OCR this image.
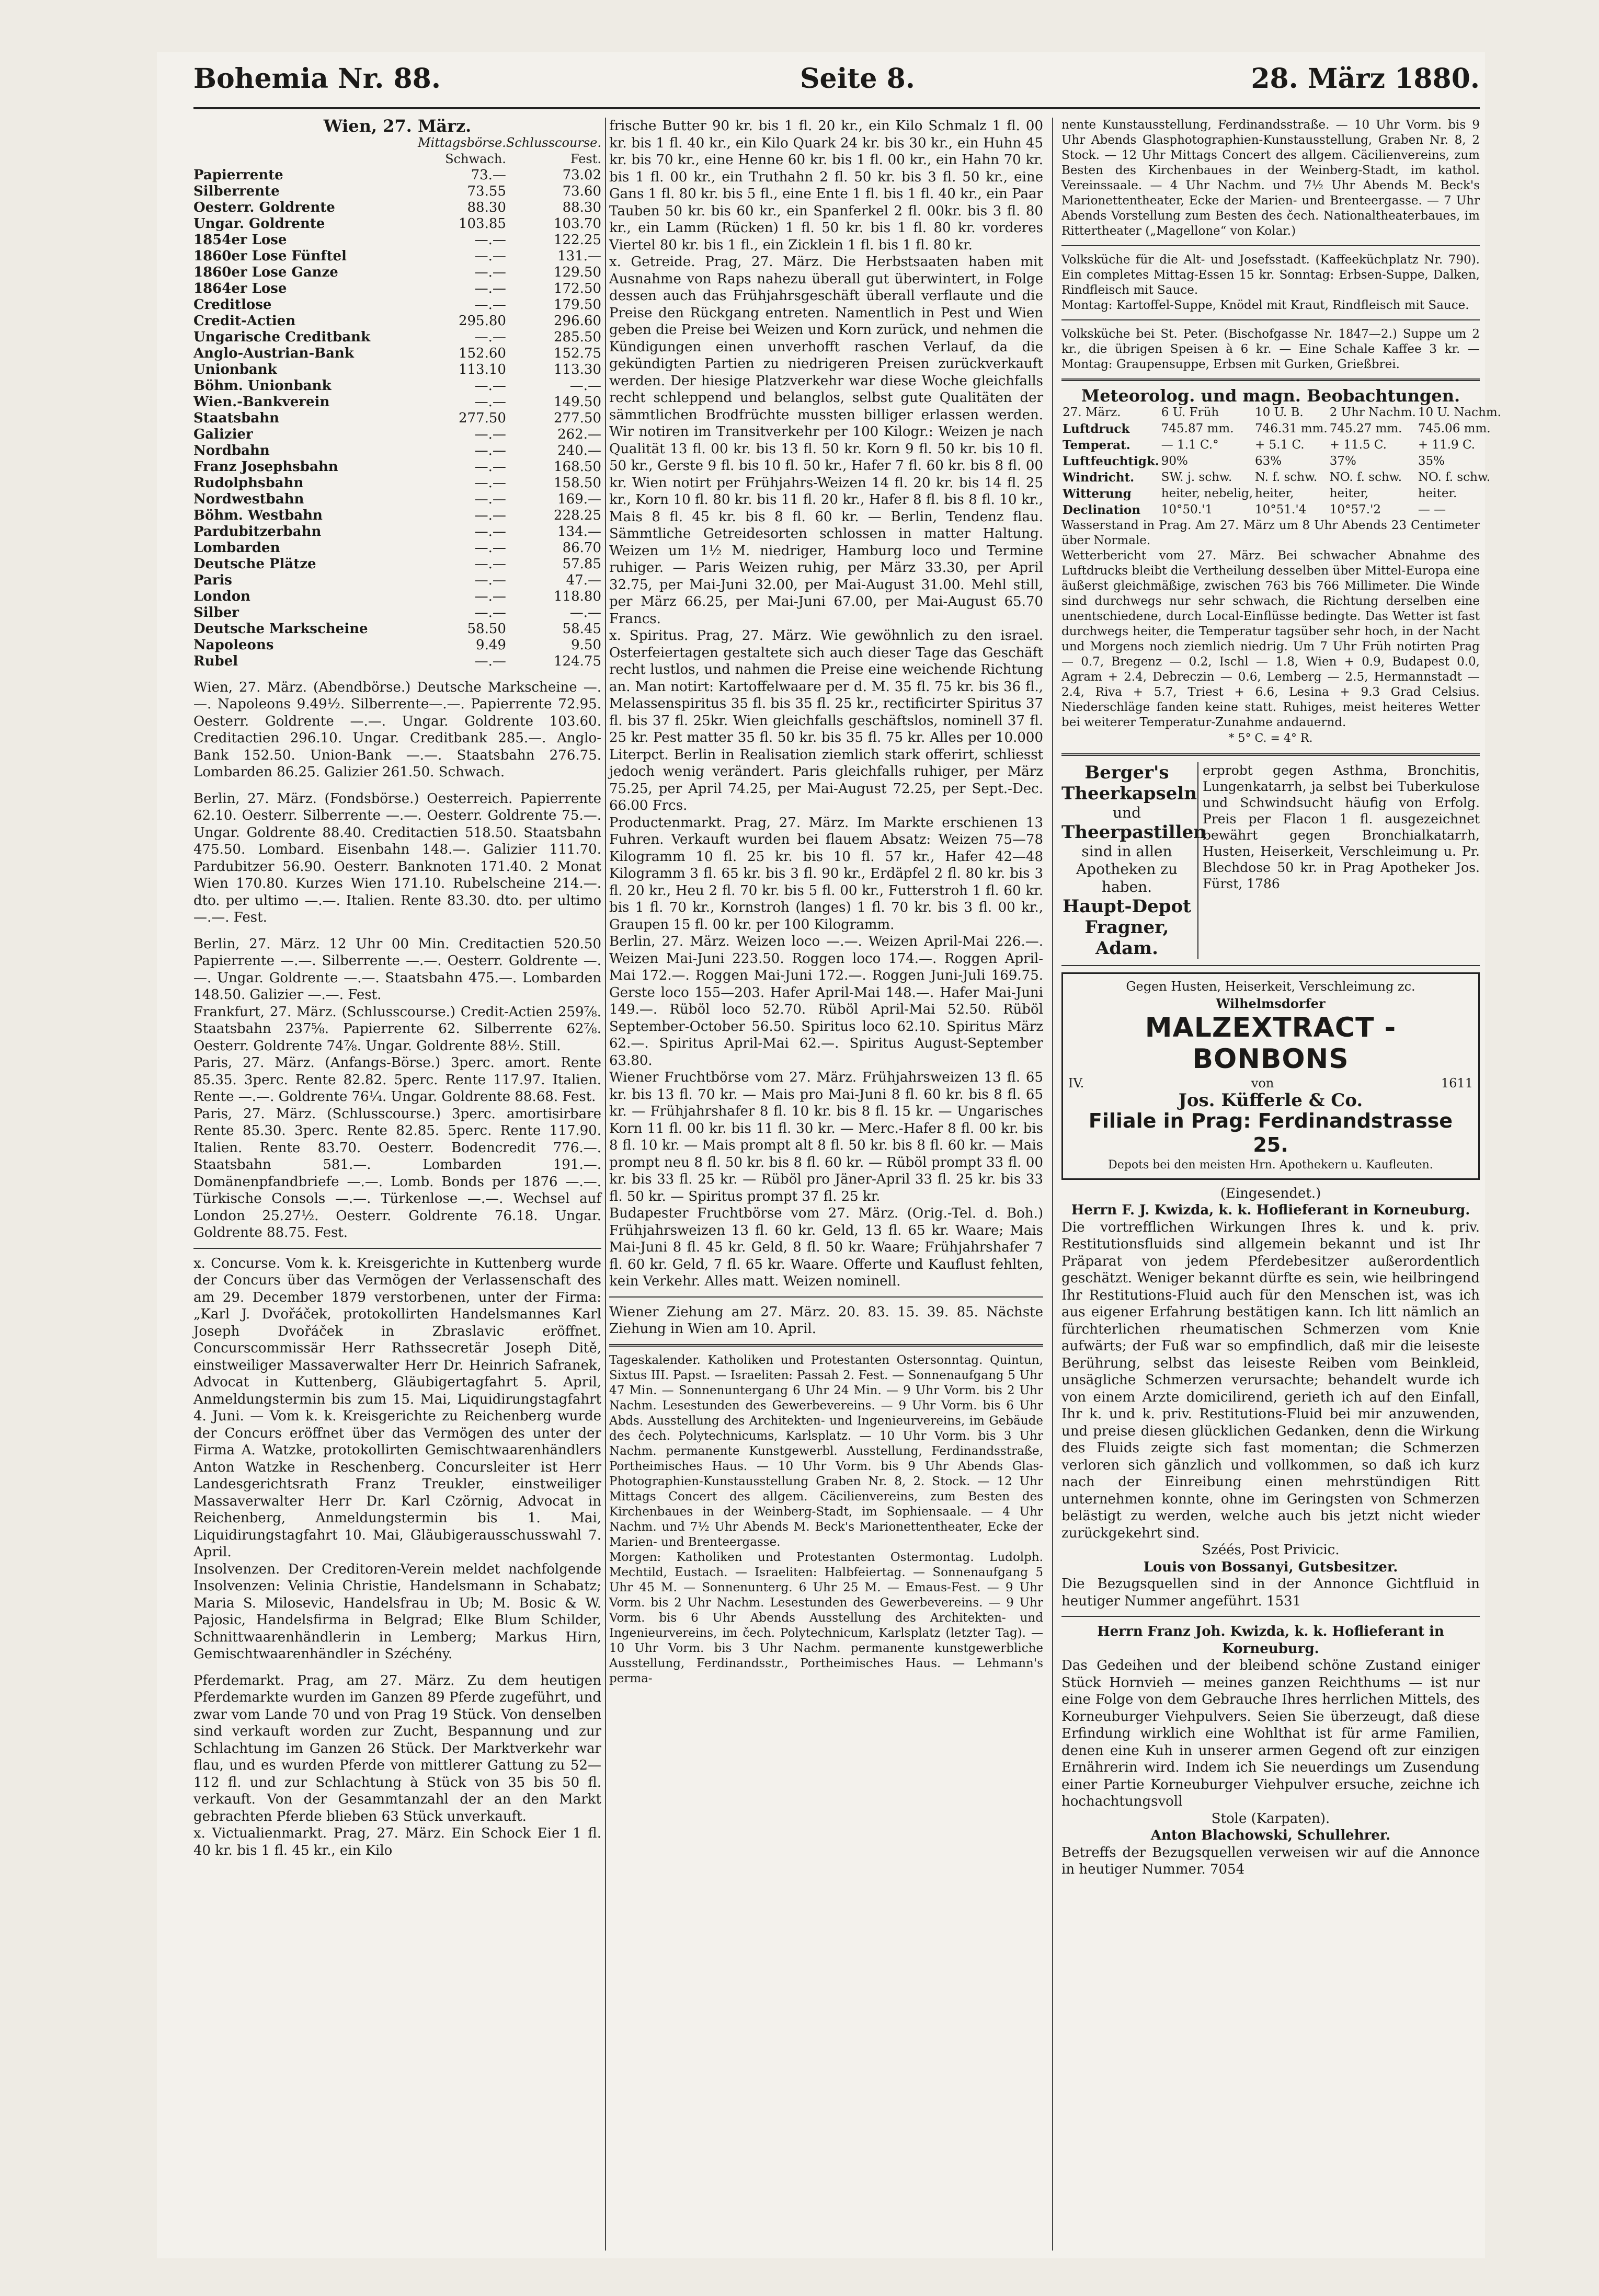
Bohemia Nr. 88.	Seite 8.	28. März 1880.
Wien, 27. März.
	Mittagsbörse.	Schlusscourse.
	Schwach.	Fest.
Papierrente	73.—	73.02
Silberrente	73.55	73.60
Oesterr. Goldrente	88.30	88.30
Ungar. Goldrente	103.85	103.70
1854er Lose	—.—	122.25
1860er Lose Fünftel	—.—	131.—
1860er Lose Ganze	—.—	129.50
1864er Lose	—.—	172.50
Creditlose	—.—	179.50
Credit-Actien	295.80	296.60
Ungarische Creditbank	—.—	285.50
Anglo-Austrian-Bank	152.60	152.75
Unionbank	113.10	113.30
Böhm. Unionbank	—.—	—.—
Wien.-Bankverein	—.—	149.50
Staatsbahn	277.50	277.50
Galizier	—.—	262.—
Nordbahn	—.—	240.—
Franz Josephsbahn	—.—	168.50
Rudolphsbahn	—.—	158.50
Nordwestbahn	—.—	169.—
Böhm. Westbahn	—.—	228.25
Pardubitzerbahn	—.—	134.—
Lombarden	—.—	86.70
Deutsche Plätze	—.—	57.85
Paris	—.—	47.—
London	—.—	118.80
Silber	—.—	—.—
Deutsche Markscheine	58.50	58.45
Napoleons	9.49	9.50
Rubel	—.—	124.75
Wien, 27. März. (Abendbörse.) Deutsche Markscheine —.—. Napoleons 9.49½. Silberrente—.—. Papierrente 72.95. Oesterr. Goldrente —.—. Ungar. Goldrente 103.60. Creditactien 296.10. Ungar. Creditbank 285.—. Anglo-Bank 152.50. Union-Bank —.—. Staatsbahn 276.75. Lombarden 86.25. Galizier 261.50. Schwach.
Berlin, 27. März. (Fondsbörse.) Oesterreich. Papierrente 62.10. Oesterr. Silberrente —.—. Oesterr. Goldrente 75.—. Ungar. Goldrente 88.40. Creditactien 518.50. Staatsbahn 475.50. Lombard. Eisenbahn 148.—. Galizier 111.70. Pardubitzer 56.90. Oesterr. Banknoten 171.40. 2 Monat Wien 170.80. Kurzes Wien 171.10. Rubelscheine 214.—. dto. per ultimo —.—. Italien. Rente 83.30. dto. per ultimo —.—. Fest.
Berlin, 27. März. 12 Uhr 00 Min. Creditactien 520.50 Papierrente —.—. Silberrente —.—. Oesterr. Goldrente —.—. Ungar. Goldrente —.—. Staatsbahn 475.—. Lombarden 148.50. Galizier —.—. Fest.
Frankfurt, 27. März. (Schlusscourse.) Credit-Actien 259⅞. Staatsbahn 237⅝. Papierrente 62. Silberrente 62⅞. Oesterr. Goldrente 74⅞. Ungar. Goldrente 88½. Still.
Paris, 27. März. (Anfangs-Börse.) 3perc. amort. Rente 85.35. 3perc. Rente 82.82. 5perc. Rente 117.97. Italien. Rente —.—. Goldrente 76¼. Ungar. Goldrente 88.68. Fest.
Paris, 27. März. (Schlusscourse.) 3perc. amortisirbare Rente 85.30. 3perc. Rente 82.85. 5perc. Rente 117.90. Italien. Rente 83.70. Oesterr. Bodencredit 776.—. Staatsbahn 581.—. Lombarden 191.—. Domänenpfandbriefe —.—. Lomb. Bonds per 1876 —.—. Türkische Consols —.—. Türkenlose —.—. Wechsel auf London 25.27½. Oesterr. Goldrente 76.18. Ungar. Goldrente 88.75. Fest.
x. Concurse. Vom k. k. Kreisgerichte in Kuttenberg wurde der Concurs über das Vermögen der Verlassenschaft des am 29. December 1879 verstorbenen, unter der Firma: „Karl J. Dvořáček, protokollirten Handelsmannes Karl Joseph Dvořáček in Zbraslavic eröffnet. Concurscommissär Herr Rathssecretär Joseph Ditě, einstweiliger Massaverwalter Herr Dr. Heinrich Safranek, Advocat in Kuttenberg, Gläubigertagfahrt 5. April, Anmeldungstermin bis zum 15. Mai, Liquidirungstagfahrt 4. Juni. — Vom k. k. Kreisgerichte zu Reichenberg wurde der Concurs eröffnet über das Vermögen des unter der Firma A. Watzke, protokollirten Gemischtwaarenhändlers Anton Watzke in Reschenberg. Concursleiter ist Herr Landesgerichtsrath Franz Treukler, einstweiliger Massaverwalter Herr Dr. Karl Czörnig, Advocat in Reichenberg, Anmeldungstermin bis 1. Mai, Liquidirungstagfahrt 10. Mai, Gläubigerausschusswahl 7. April.
Insolvenzen. Der Creditoren-Verein meldet nachfolgende Insolvenzen: Velinia Christie, Handelsmann in Schabatz; Maria S. Milosevic, Handelsfrau in Ub; M. Bosic & W. Pajosic, Handelsfirma in Belgrad; Elke Blum Schilder, Schnittwaarenhändlerin in Lemberg; Markus Hirn, Gemischtwaarenhändler in Széchény.
Pferdemarkt. Prag, am 27. März. Zu dem heutigen Pferdemarkte wurden im Ganzen 89 Pferde zugeführt, und zwar vom Lande 70 und von Prag 19 Stück. Von denselben sind verkauft worden zur Zucht, Bespannung und zur Schlachtung im Ganzen 26 Stück. Der Marktverkehr war flau, und es wurden Pferde von mittlerer Gattung zu 52—112 fl. und zur Schlachtung à Stück von 35 bis 50 fl. verkauft. Von der Gesammtanzahl der an den Markt gebrachten Pferde blieben 63 Stück unverkauft.
x. Victualienmarkt. Prag, 27. März. Ein Schock Eier 1 fl. 40 kr. bis 1 fl. 45 kr., ein Kilo
frische Butter 90 kr. bis 1 fl. 20 kr., ein Kilo Schmalz 1 fl. 00 kr. bis 1 fl. 40 kr., ein Kilo Quark 24 kr. bis 30 kr., ein Huhn 45 kr. bis 70 kr., eine Henne 60 kr. bis 1 fl. 00 kr., ein Hahn 70 kr. bis 1 fl. 00 kr., ein Truthahn 2 fl. 50 kr. bis 3 fl. 50 kr., eine Gans 1 fl. 80 kr. bis 5 fl., eine Ente 1 fl. bis 1 fl. 40 kr., ein Paar Tauben 50 kr. bis 60 kr., ein Spanferkel 2 fl. 00kr. bis 3 fl. 80 kr., ein Lamm (Rücken) 1 fl. 50 kr. bis 1 fl. 80 kr. vorderes Viertel 80 kr. bis 1 fl., ein Zicklein 1 fl. bis 1 fl. 80 kr.
x. Getreide. Prag, 27. März. Die Herbstsaaten haben mit Ausnahme von Raps nahezu überall gut überwintert, in Folge dessen auch das Frühjahrsgeschäft überall verflaute und die Preise den Rückgang entreten. Namentlich in Pest und Wien geben die Preise bei Weizen und Korn zurück, und nehmen die Kündigungen einen unverhofft raschen Verlauf, da die gekündigten Partien zu niedrigeren Preisen zurückverkauft werden. Der hiesige Platzverkehr war diese Woche gleichfalls recht schleppend und belanglos, selbst gute Qualitäten der sämmtlichen Brodfrüchte mussten billiger erlassen werden. Wir notiren im Transitverkehr per 100 Kilogr.: Weizen je nach Qualität 13 fl. 00 kr. bis 13 fl. 50 kr. Korn 9 fl. 50 kr. bis 10 fl. 50 kr., Gerste 9 fl. bis 10 fl. 50 kr., Hafer 7 fl. 60 kr. bis 8 fl. 00 kr. Wien notirt per Frühjahrs-Weizen 14 fl. 20 kr. bis 14 fl. 25 kr., Korn 10 fl. 80 kr. bis 11 fl. 20 kr., Hafer 8 fl. bis 8 fl. 10 kr., Mais 8 fl. 45 kr. bis 8 fl. 60 kr. — Berlin, Tendenz flau. Sämmtliche Getreidesorten schlossen in matter Haltung. Weizen um 1½ M. niedriger, Hamburg loco und Termine ruhiger. — Paris Weizen ruhig, per März 33.30, per April 32.75, per Mai-Juni 32.00, per Mai-August 31.00. Mehl still, per März 66.25, per Mai-Juni 67.00, per Mai-August 65.70 Francs.
x. Spiritus. Prag, 27. März. Wie gewöhnlich zu den israel. Osterfeiertagen gestaltete sich auch dieser Tage das Geschäft recht lustlos, und nahmen die Preise eine weichende Richtung an. Man notirt: Kartoffelwaare per d. M. 35 fl. 75 kr. bis 36 fl., Melassenspiritus 35 fl. bis 35 fl. 25 kr., rectificirter Spiritus 37 fl. bis 37 fl. 25kr. Wien gleichfalls geschäftslos, nominell 37 fl. 25 kr. Pest matter 35 fl. 50 kr. bis 35 fl. 75 kr. Alles per 10.000 Literpct. Berlin in Realisation ziemlich stark offerirt, schliesst jedoch wenig verändert. Paris gleichfalls ruhiger, per März 75.25, per April 74.25, per Mai-August 72.25, per Sept.-Dec. 66.00 Frcs.
Productenmarkt. Prag, 27. März. Im Markte erschienen 13 Fuhren. Verkauft wurden bei flauem Absatz: Weizen 75—78 Kilogramm 10 fl. 25 kr. bis 10 fl. 57 kr., Hafer 42—48 Kilogramm 3 fl. 65 kr. bis 3 fl. 90 kr., Erdäpfel 2 fl. 80 kr. bis 3 fl. 20 kr., Heu 2 fl. 70 kr. bis 5 fl. 00 kr., Futterstroh 1 fl. 60 kr. bis 1 fl. 70 kr., Kornstroh (langes) 1 fl. 70 kr. bis 3 fl. 00 kr., Graupen 15 fl. 00 kr. per 100 Kilogramm.
Berlin, 27. März. Weizen loco —.—. Weizen April-Mai 226.—. Weizen Mai-Juni 223.50. Roggen loco 174.—. Roggen April-Mai 172.—. Roggen Mai-Juni 172.—. Roggen Juni-Juli 169.75. Gerste loco 155—203. Hafer April-Mai 148.—. Hafer Mai-Juni 149.—. Rüböl loco 52.70. Rüböl April-Mai 52.50. Rüböl September-October 56.50. Spiritus loco 62.10. Spiritus März 62.—. Spiritus April-Mai 62.—. Spiritus August-September 63.80.
Wiener Fruchtbörse vom 27. März. Frühjahrsweizen 13 fl. 65 kr. bis 13 fl. 70 kr. — Mais pro Mai-Juni 8 fl. 60 kr. bis 8 fl. 65 kr. — Frühjahrshafer 8 fl. 10 kr. bis 8 fl. 15 kr. — Ungarisches Korn 11 fl. 00 kr. bis 11 fl. 30 kr. — Merc.-Hafer 8 fl. 00 kr. bis 8 fl. 10 kr. — Mais prompt alt 8 fl. 50 kr. bis 8 fl. 60 kr. — Mais prompt neu 8 fl. 50 kr. bis 8 fl. 60 kr. — Rüböl prompt 33 fl. 00 kr. bis 33 fl. 25 kr. — Rüböl pro Jäner-April 33 fl. 25 kr. bis 33 fl. 50 kr. — Spiritus prompt 37 fl. 25 kr.
Budapester Fruchtbörse vom 27. März. (Orig.-Tel. d. Boh.) Frühjahrsweizen 13 fl. 60 kr. Geld, 13 fl. 65 kr. Waare; Mais Mai-Juni 8 fl. 45 kr. Geld, 8 fl. 50 kr. Waare; Frühjahrshafer 7 fl. 60 kr. Geld, 7 fl. 65 kr. Waare. Offerte und Kauflust fehlten, kein Verkehr. Alles matt. Weizen nominell.
Wiener Ziehung am 27. März. 20. 83. 15. 39. 85. Nächste Ziehung in Wien am 10. April.
Tageskalender. Katholiken und Protestanten Ostersonntag. Quintun, Sixtus III. Papst. — Israeliten: Passah 2. Fest. — Sonnenaufgang 5 Uhr 47 Min. — Sonnenuntergang 6 Uhr 24 Min. — 9 Uhr Vorm. bis 2 Uhr Nachm. Lesestunden des Gewerbevereins. — 9 Uhr Vorm. bis 6 Uhr Abds. Ausstellung des Architekten- und Ingenieurvereins, im Gebäude des čech. Polytechnicums, Karlsplatz. — 10 Uhr Vorm. bis 3 Uhr Nachm. permanente Kunstgewerbl. Ausstellung, Ferdinandsstraße, Porthеimischеs Haus. — 10 Uhr Vorm. bis 9 Uhr Abends Glas-Photographien-Kunstausstellung Graben Nr. 8, 2. Stock. — 12 Uhr Mittags Concert des allgem. Cäcilienvereins, zum Besten des Kirchenbaues in der Weinberg-Stadt, im Sophiensaale. — 4 Uhr Nachm. und 7½ Uhr Abends M. Beck's Marionettentheater, Ecke der Marien- und Brenteergasse.
Morgen: Katholiken und Protestanten Ostermontag. Ludolph. Mechtild, Eustach. — Israeliten: Halbfeiertag. — Sonnenaufgang 5 Uhr 45 M. — Sonnenunterg. 6 Uhr 25 M. — Emaus-Fest. — 9 Uhr Vorm. bis 2 Uhr Nachm. Lesestunden des Gewerbevereins. — 9 Uhr Vorm. bis 6 Uhr Abends Ausstellung des Architekten- und Ingenieurvereins, im čech. Polytechnicum, Karlsplatz (letzter Tag). — 10 Uhr Vorm. bis 3 Uhr Nachm. permanente kunstgewerbliche Ausstellung, Ferdinandsstr., Porthеimisches Haus. — Lehmann's perma-
nente Kunstausstellung, Ferdinandsstraße. — 10 Uhr Vorm. bis 9 Uhr Abends Glasphotographien-Kunstausstellung, Graben Nr. 8, 2 Stock. — 12 Uhr Mittags Concert des allgem. Cäcilienvereins, zum Besten des Kirchenbaues in der Weinberg-Stadt, im kathol. Vereinssaale. — 4 Uhr Nachm. und 7½ Uhr Abends M. Beck's Marionettentheater, Ecke der Marien- und Brenteergasse. — 7 Uhr Abends Vorstellung zum Besten des čech. Nationaltheaterbaues, im Rittertheater („Magellone“ von Kolar.)
Volksküche für die Alt- und Josefsstadt. (Kaffeeküchplatz Nr. 790). Ein completes Mittag-Essen 15 kr. Sonntag: Erbsen-Suppe, Dalken, Rindfleisch mit Sauce.
Montag: Kartoffel-Suppe, Knödel mit Kraut, Rindfleisch mit Sauce.
Volksküche bei St. Peter. (Bischofgasse Nr. 1847—2.) Suppe um 2 kr., die übrigen Speisen à 6 kr. — Eine Schale Kaffee 3 kr. — Montag: Graupensuppe, Erbsen mit Gurken, Grießbrei.
Meteorolog. und magn. Beobachtungen.
27. März.	6 U. Früh	10 U. B.	2 Uhr Nachm.	10 U. Nachm.
Luftdruck	745.87 mm.	746.31 mm.	745.27 mm.	745.06 mm.
Temperat.	— 1.1 C.°	+ 5.1 C.	+ 11.5 C.	+ 11.9 C.
Luftfeuchtigk.	90%	63%	37%	35%
Windricht.	SW. j. schw.	N. f. schw.	NO. f. schw.	NO. f. schw.
Witterung	heiter, nebelig,	heiter,	heiter,	heiter.
Declination	10°50.'1	10°51.'4	10°57.'2	— —
Wasserstand in Prag. Am 27. März um 8 Uhr Abends 23 Centimeter über Normale.
Wetterbericht vom 27. März. Bei schwacher Abnahme des Luftdrucks bleibt die Vertheilung desselben über Mittel-Europa eine äußerst gleichmäßige, zwischen 763 bis 766 Millimeter. Die Winde sind durchwegs nur sehr schwach, die Richtung derselben eine unentschiedene, durch Local-Einflüsse bedingte. Das Wetter ist fast durchwegs heiter, die Temperatur tagsüber sehr hoch, in der Nacht und Morgens noch ziemlich niedrig. Um 7 Uhr Früh notirten Prag — 0.7, Bregenz — 0.2, Ischl — 1.8, Wien + 0.9, Budapest 0.0, Agram + 2.4, Debreczin — 0.6, Lemberg — 2.5, Hermannstadt — 2.4, Riva + 5.7, Triest + 6.6, Lesina + 9.3 Grad Celsius. Niederschläge fanden keine statt. Ruhiges, meist heiteres Wetter bei weiterer Temperatur-Zunahme andauernd.
* 5° C. = 4° R.
Berger's
Theerkapseln
und
Theerpastillen
sind in allen Apotheken zu haben.
Haupt-Depot
Fragner, Adam.
erprobt gegen Asthma, Bronchitis, Lungenkatarrh, ja selbst bei Tuberkulose und Schwindsucht häufig von Erfolg. Preis per Flacon 1 fl. ausgezeichnet bewährt gegen Bronchialkatarrh, Husten, Heiserkeit, Verschleimung u. Pr. Blechdose 50 kr. in Prag Apotheker Jos. Fürst, 1786
Gegen Husten, Heiserkeit, Verschleimung zc.
Wilhelmsdorfer
MALZEXTRACT - BONBONS
IV.	von	1611
Jos. Küfferle & Co.
Filiale in Prag: Ferdinandstrasse 25.
Depots bei den meisten Hrn. Apothekern u. Kaufleuten.
(Eingesendet.)
Herrn F. J. Kwizda, k. k. Hoflieferant in Korneuburg.
Die vortrefflichen Wirkungen Ihres k. und k. priv. Restitutionsfluids sind allgemein bekannt und ist Ihr Präparat von jedem Pferdebesitzer außerordentlich geschätzt. Weniger bekannt dürfte es sein, wie heilbringend Ihr Restitutions-Fluid auch für den Menschen ist, was ich aus eigener Erfahrung bestätigen kann. Ich litt nämlich an fürchterlichen rheumatischen Schmerzen vom Knie aufwärts; der Fuß war so empfindlich, daß mir die leiseste Berührung, selbst das leiseste Reiben vom Beinkleid, unsägliche Schmerzen verursachte; behandelt wurde ich von einem Arzte domicilirend, gerieth ich auf den Einfall, Ihr k. und k. priv. Restitutions-Fluid bei mir anzuwenden, und preise diesen glücklichen Gedanken, denn die Wirkung des Fluids zeigte sich fast momentan; die Schmerzen verloren sich gänzlich und vollkommen, so daß ich kurz nach der Einreibung einen mehrstündigen Ritt unternehmen konnte, ohne im Geringsten von Schmerzen belästigt zu werden, welche auch bis jetzt nicht wieder zurückgekehrt sind.
Széés, Post Privicic.
Louis von Bossanyi, Gutsbesitzer.
Die Bezugsquellen sind in der Annonce Gichtfluid in heutiger Nummer angeführt. 1531
Herrn Franz Joh. Kwizda, k. k. Hoflieferant in Korneuburg.
Das Gedeihen und der bleibend schöne Zustand einiger Stück Hornvieh — meines ganzen Reichthums — ist nur eine Folge von dem Gebrauche Ihres herrlichen Mittels, des Korneuburger Viehpulvers. Seien Sie überzeugt, daß diese Erfindung wirklich eine Wohlthat ist für arme Familien, denen eine Kuh in unserer armen Gegend oft zur einzigen Ernährerin wird. Indem ich Sie neuerdings um Zusendung einer Partie Korneuburger Viehpulver ersuche, zeichne ich hochachtungsvoll
Stole (Karpaten).
Anton Blachowski, Schullehrer.
Betreffs der Bezugsquellen verweisen wir auf die Annonce in heutiger Nummer. 7054
